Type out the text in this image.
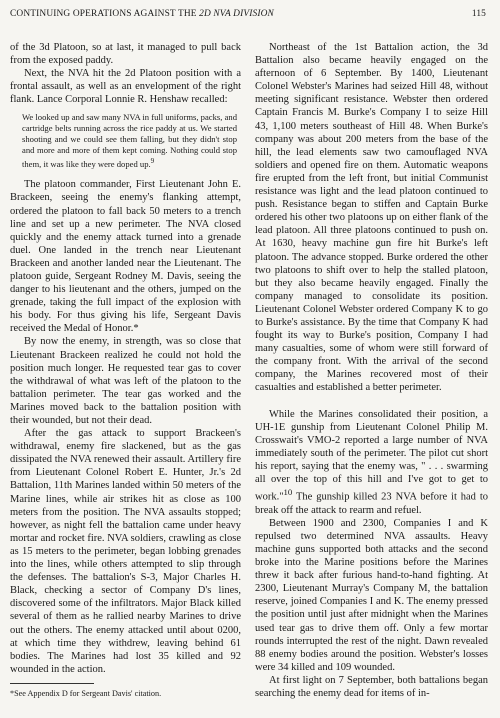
CONTINUING OPERATIONS AGAINST THE 2D NVA DIVISION	115

of the 3d Platoon, so at last, it managed to pull back from the exposed paddy.

Next, the NVA hit the 2d Platoon position with a frontal assault, as well as an envelopment of the right flank. Lance Corporal Lonnie R. Henshaw recalled:

We looked up and saw many NVA in full uniforms, packs, and cartridge belts running across the rice paddy at us. We started shooting and we could see them falling, but they didn't stop and more and more of them kept coming. Nothing could stop them, it was like they were doped up.$^9$

The platoon commander, First Lieutenant John E. Brackeen, seeing the enemy's flanking attempt, ordered the platoon to fall back 50 meters to a trench line and set up a new perimeter. The NVA closed quickly and the enemy attack turned into a grenade duel. One landed in the trench near Lieutenant Brackeen and another landed near the Lieutenant. The platoon guide, Sergeant Rodney M. Davis, seeing the danger to his lieutenant and the others, jumped on the grenade, taking the full impact of the explosion with his body. For thus giving his life, Sergeant Davis received the Medal of Honor.*

By now the enemy, in strength, was so close that Lieutenant Brackeen realized he could not hold the position much longer. He requested tear gas to cover the withdrawal of what was left of the platoon to the battalion perimeter. The tear gas worked and the Marines moved back to the battalion position with their wounded, but not their dead.

After the gas attack to support Brackeen's withdrawal, enemy fire slackened, but as the gas dissipated the NVA renewed their assault. Artillery fire from Lieutenant Colonel Robert E. Hunter, Jr.'s 2d Battalion, 11th Marines landed within 50 meters of the Marine lines, while air strikes hit as close as 100 meters from the position. The NVA assaults stopped; however, as night fell the battalion came under heavy mortar and rocket fire. NVA soldiers, crawling as close as 15 meters to the perimeter, began lobbing grenades into the lines, while others attempted to slip through the defenses. The battalion's S-3, Major Charles H. Black, checking a sector of Company D's lines, discovered some of the infiltrators. Major Black killed several of them as he rallied nearby Marines to drive out the others. The enemy attacked until about 0200, at which time they withdrew, leaving behind 61 bodies. The Marines had lost 35 killed and 92 wounded in the action.

Northeast of the 1st Battalion action, the 3d Battalion also became heavily engaged on the afternoon of 6 September. By 1400, Lieutenant Colonel Webster's Marines had seized Hill 48, without meeting significant resistance. Webster then ordered Captain Francis M. Burke's Company I to seize Hill 43, 1,100 meters southeast of Hill 48. When Burke's company was about 200 meters from the base of the hill, the lead elements saw two camouflaged NVA soldiers and opened fire on them. Automatic weapons fire erupted from the left front, but initial Communist resistance was light and the lead platoon continued to push. Resistance began to stiffen and Captain Burke ordered his other two platoons up on either flank of the lead platoon. All three platoons continued to push on. At 1630, heavy machine gun fire hit Burke's left platoon. The advance stopped. Burke ordered the other two platoons to shift over to help the stalled platoon, but they also became heavily engaged. Finally the company managed to consolidate its position. Lieutenant Colonel Webster ordered Company K to go to Burke's assistance. By the time that Company K had fought its way to Burke's position, Company I had many casualties, some of whom were still forward of the company front. With the arrival of the second company, the Marines recovered most of their casualties and established a better perimeter.

While the Marines consolidated their position, a UH-1E gunship from Lieutenant Colonel Philip M. Crosswait's VMO-2 reported a large number of NVA immediately south of the perimeter. The pilot cut short his report, saying that the enemy was, " . . . swarming all over the top of this hill and I've got to get to work."$^{10}$ The gunship killed 23 NVA before it had to break off the attack to rearm and refuel.

Between 1900 and 2300, Companies I and K repulsed two determined NVA assaults. Heavy machine guns supported both attacks and the second broke into the Marine positions before the Marines threw it back after furious hand-to-hand fighting. At 2300, Lieutenant Murray's Company M, the battalion reserve, joined Companies I and K. The enemy pressed the position until just after midnight when the Marines used tear gas to drive them off. Only a few mortar rounds interrupted the rest of the night. Dawn revealed 88 enemy bodies around the position. Webster's losses were 34 killed and 109 wounded.

At first light on 7 September, both battalions began searching the enemy dead for items of in-

*See Appendix D for Sergeant Davis' citation.
